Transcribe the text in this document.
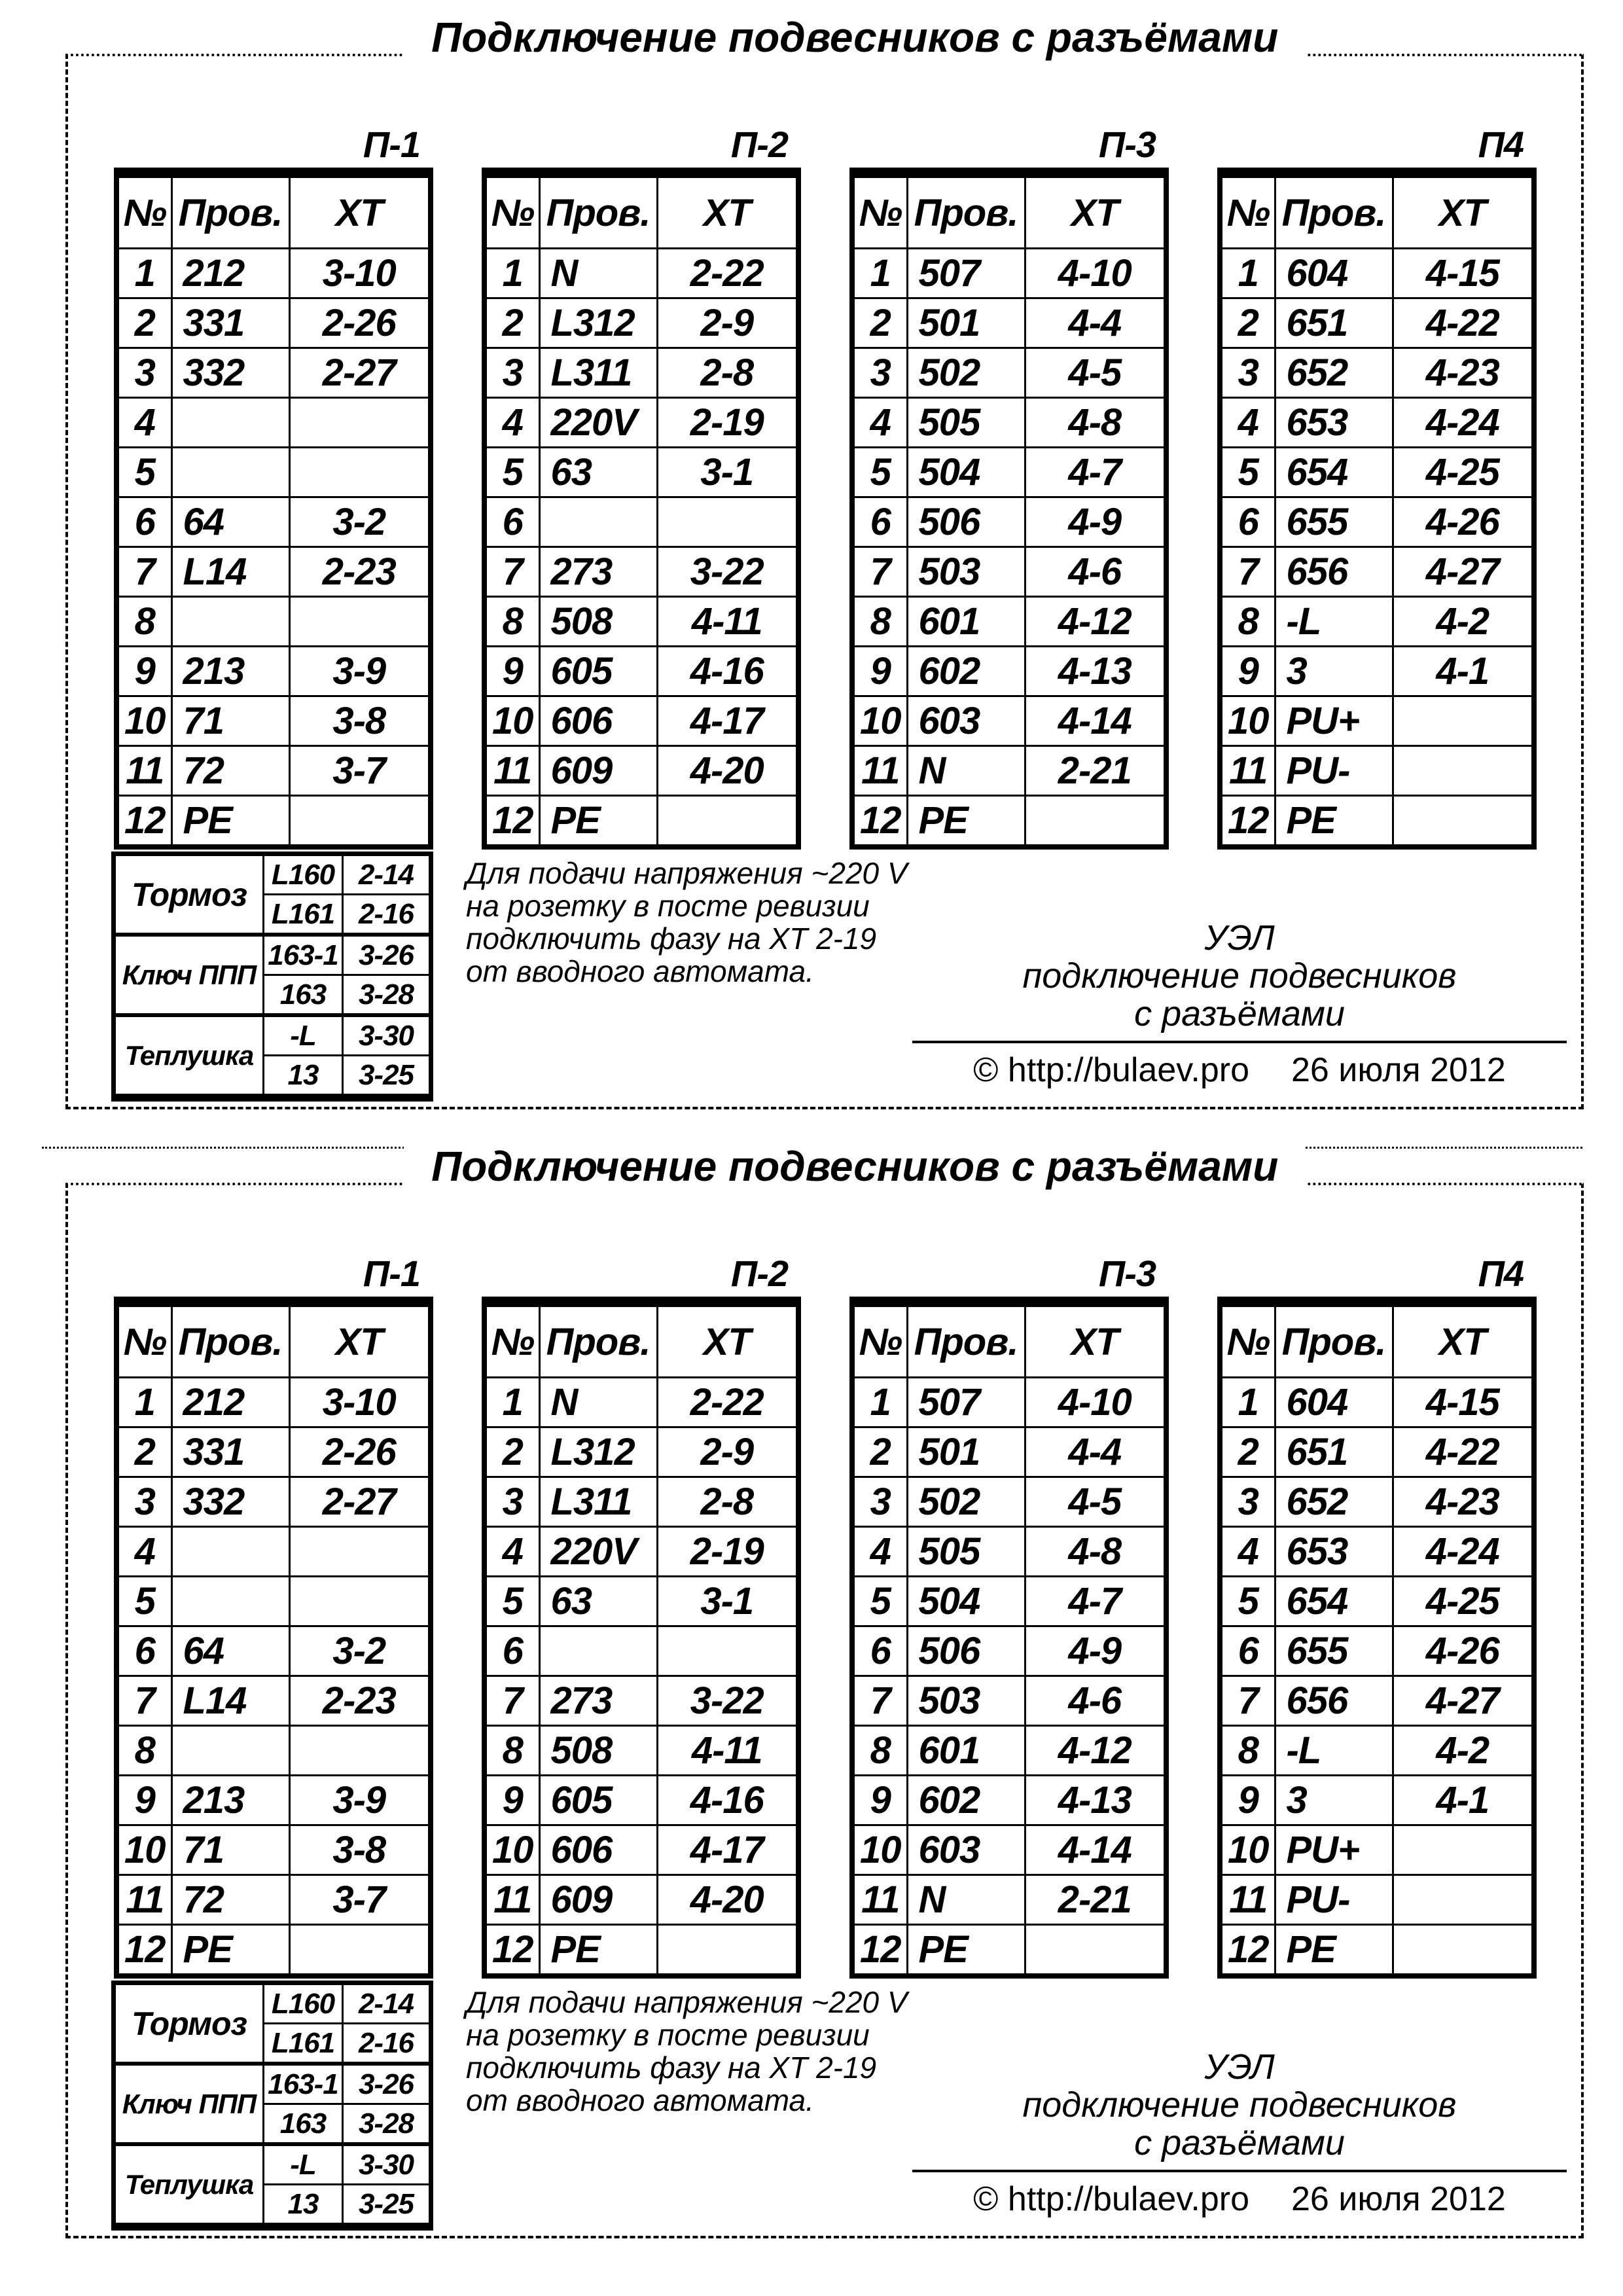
Подключение подвесников с разъёмами
П-1
№	Пров.	XT
1	212	3-10
2	331	2-26
3	332	2-27
4		
5		
6	64	3-2
7	L14	2-23
8		
9	213	3-9
10	71	3-8
11	72	3-7
12	PE	
П-2
№	Пров.	XT
1	N	2-22
2	L312	2-9
3	L311	2-8
4	220V	2-19
5	63	3-1
6		
7	273	3-22
8	508	4-11
9	605	4-16
10	606	4-17
11	609	4-20
12	PE	
П-3
№	Пров.	XT
1	507	4-10
2	501	4-4
3	502	4-5
4	505	4-8
5	504	4-7
6	506	4-9
7	503	4-6
8	601	4-12
9	602	4-13
10	603	4-14
11	N	2-21
12	PE	
П4
№	Пров.	XT
1	604	4-15
2	651	4-22
3	652	4-23
4	653	4-24
5	654	4-25
6	655	4-26
7	656	4-27
8	-L	4-2
9	3	4-1
10	PU+	
11	PU-	
12	PE	
Тормоз	L160	2-14
	L161	2-16
Ключ ППП	163-1	3-26
	163	3-28
Теплушка	-L	3-30
	13	3-25
Для подачи напряжения ~220 V
на розетку в посте ревизии
подключить фазу на XT 2-19
от вводного автомата.
УЭЛ
подключение подвесников
с разъёмами
© http://bulaev.pro 26 июля 2012
Подключение подвесников с разъёмами
П-1
№	Пров.	XT
1	212	3-10
2	331	2-26
3	332	2-27
4		
5		
6	64	3-2
7	L14	2-23
8		
9	213	3-9
10	71	3-8
11	72	3-7
12	PE	
П-2
№	Пров.	XT
1	N	2-22
2	L312	2-9
3	L311	2-8
4	220V	2-19
5	63	3-1
6		
7	273	3-22
8	508	4-11
9	605	4-16
10	606	4-17
11	609	4-20
12	PE	
П-3
№	Пров.	XT
1	507	4-10
2	501	4-4
3	502	4-5
4	505	4-8
5	504	4-7
6	506	4-9
7	503	4-6
8	601	4-12
9	602	4-13
10	603	4-14
11	N	2-21
12	PE	
П4
№	Пров.	XT
1	604	4-15
2	651	4-22
3	652	4-23
4	653	4-24
5	654	4-25
6	655	4-26
7	656	4-27
8	-L	4-2
9	3	4-1
10	PU+	
11	PU-	
12	PE	
Тормоз	L160	2-14
	L161	2-16
Ключ ППП	163-1	3-26
	163	3-28
Теплушка	-L	3-30
	13	3-25
Для подачи напряжения ~220 V
на розетку в посте ревизии
подключить фазу на XT 2-19
от вводного автомата.
УЭЛ
подключение подвесников
с разъёмами
© http://bulaev.pro 26 июля 2012
